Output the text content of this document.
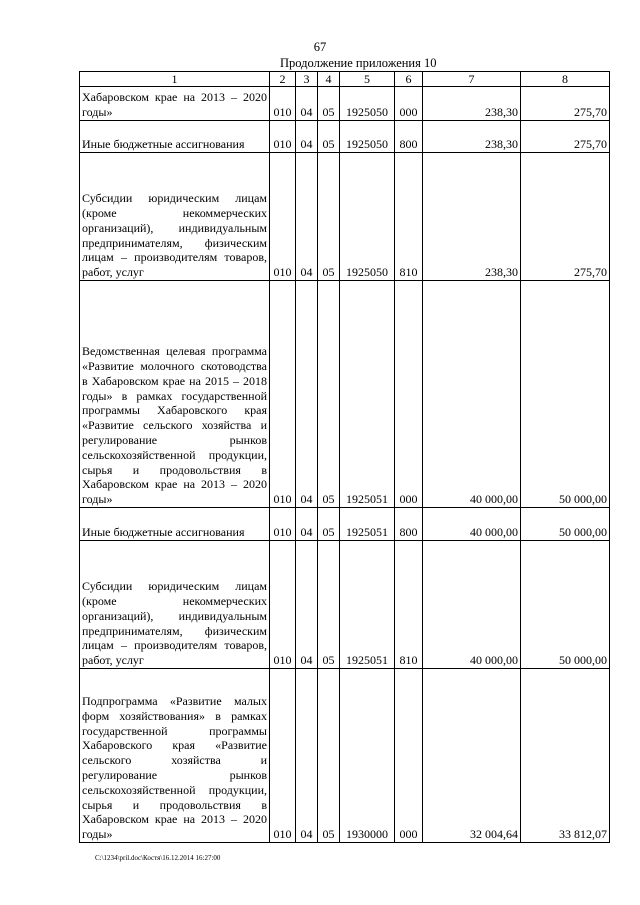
67
Продолжение приложения 10
1	2	3	4	5	6	7	8
Хабаровском крае на 2013 – 2020 годы»	010	04	05	1925050	000	238,30	275,70
Иные бюджетные ассигнования	010	04	05	1925050	800	238,30	275,70
Субсидии юридическим лицам (кроме некоммерческих организаций), индивидуальным предпринимателям, физическим лицам – производителям товаров, работ, услуг	010	04	05	1925050	810	238,30	275,70
Ведомственная целевая программа «Развитие молочного скотоводства в Хабаровском крае на 2015 – 2018 годы» в рамках государственной программы Хабаровского края «Развитие сельского хозяйства и регулирование рынков сельскохозяйственной продукции, сырья и продовольствия в Хабаровском крае на 2013 – 2020 годы»	010	04	05	1925051	000	40 000,00	50 000,00
Иные бюджетные ассигнования	010	04	05	1925051	800	40 000,00	50 000,00
Субсидии юридическим лицам (кроме некоммерческих организаций), индивидуальным предпринимателям, физическим лицам – производителям товаров, работ, услуг	010	04	05	1925051	810	40 000,00	50 000,00
Подпрограмма «Развитие малых форм хозяйствования» в рамках государственной программы Хабаровского края «Развитие сельского хозяйства и регулирование рынков сельскохозяйственной продукции, сырья и продовольствия в Хабаровском крае на 2013 – 2020 годы»	010	04	05	1930000	000	32 004,64	33 812,07
C:\1234\pril.doc\Костя\16.12.2014 16:27:00
